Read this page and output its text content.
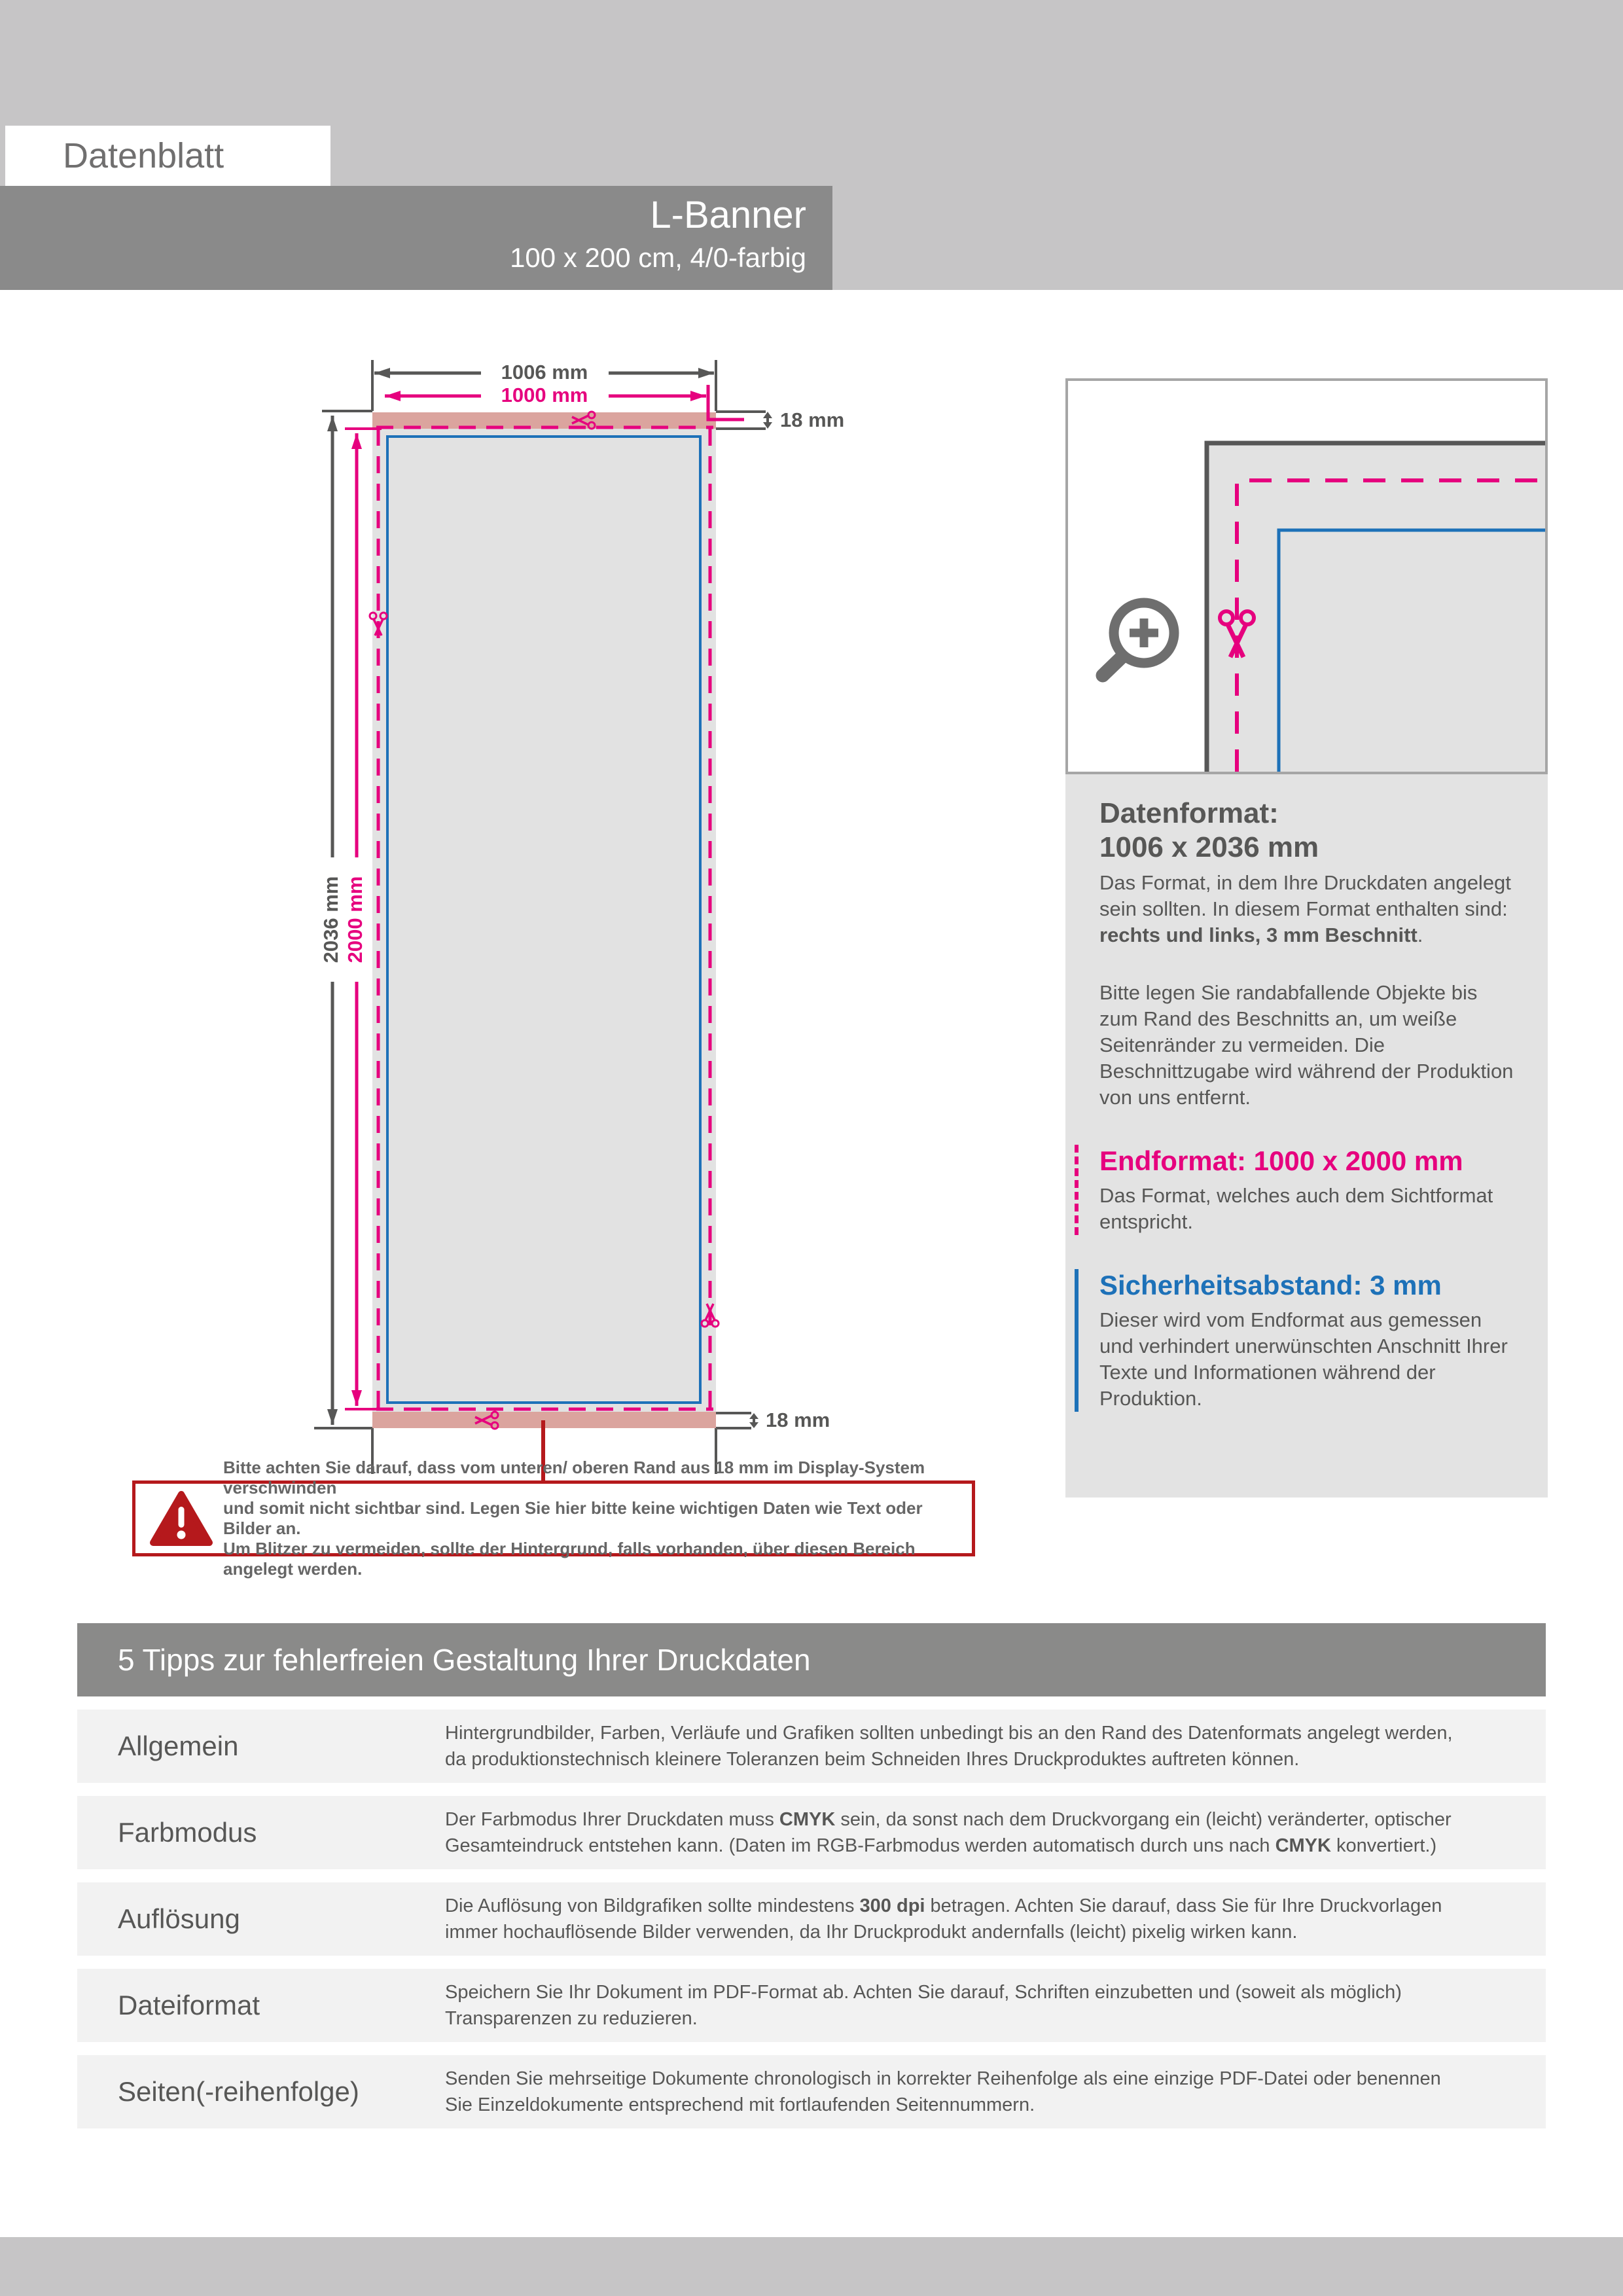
Datenblatt
L-Banner
100 x 200 cm, 4/0-farbig
1006 mm
1000 mm
2036 mm 2000 mm
18 mm
18 mm
Bitte achten Sie darauf, dass vom unteren/ oberen Rand aus 18 mm im Display-System verschwinden
und somit nicht sichtbar sind. Legen Sie hier bitte keine wichtigen Daten wie Text oder Bilder an.
Um Blitzer zu vermeiden, sollte der Hintergrund, falls vorhanden, über diesen Bereich angelegt werden.
Datenformat:
1006 x 2036 mm

Das Format, in dem Ihre Druckdaten angelegt sein sollten. In diesem Format enthalten sind:
rechts und links, 3 mm Beschnitt.

Bitte legen Sie randabfallende Objekte bis zum Rand des Beschnitts an, um weiße Seitenränder zu vermeiden. Die Beschnittzugabe wird während der Produktion von uns entfernt.

Endformat: 1000 x 2000 mm

Das Format, welches auch dem Sichtformat entspricht.

Sicherheitsabstand: 3 mm

Dieser wird vom Endformat aus gemessen und verhindert unerwünschten Anschnitt Ihrer Texte und Informationen während der Produktion.

5 Tipps zur fehlerfreien Gestaltung Ihrer Druckdaten
Allgemein	Hintergrundbilder, Farben, Verläufe und Grafiken sollten unbedingt bis an den Rand des Datenformats angelegt werden, da produktionstechnisch kleinere Toleranzen beim Schneiden Ihres Druckproduktes auftreten können.
Farbmodus	Der Farbmodus Ihrer Druckdaten muss CMYK sein, da sonst nach dem Druckvorgang ein (leicht) veränderter, optischer Gesamteindruck entstehen kann. (Daten im RGB-Farbmodus werden automatisch durch uns nach CMYK konvertiert.)
Auflösung	Die Auflösung von Bildgrafiken sollte mindestens 300 dpi betragen. Achten Sie darauf, dass Sie für Ihre Druckvorlagen immer hochauflösende Bilder verwenden, da Ihr Druckprodukt andernfalls (leicht) pixelig wirken kann.
Dateiformat	Speichern Sie Ihr Dokument im PDF-Format ab. Achten Sie darauf, Schriften einzubetten und (soweit als möglich) Transparenzen zu reduzieren.
Seiten(-reihenfolge)	Senden Sie mehrseitige Dokumente chronologisch in korrekter Reihenfolge als eine einzige PDF-Datei oder benennen Sie Einzeldokumente entsprechend mit fortlaufenden Seitennummern.
